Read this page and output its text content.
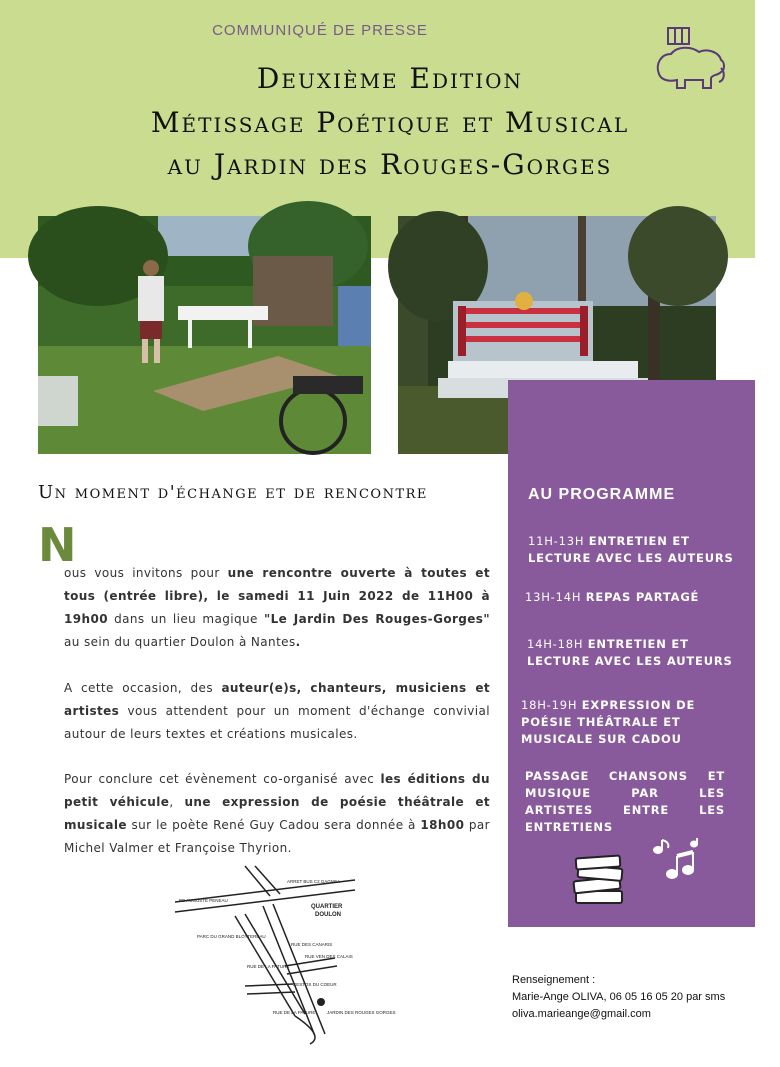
COMMUNIQUÉ DE PRESSE
Deuxième Edition
Métissage Poétique et Musical
au Jardin des Rouges-Gorges
AU PROGRAMME
11H-13H ENTRETIEN ET LECTURE AVEC LES AUTEURS
13H-14H REPAS PARTAGÉ
14H-18H ENTRETIEN ET LECTURE AVEC LES AUTEURS
18H-19H EXPRESSION DE POÉSIE THÉÂTRALE ET MUSICALE SUR CADOU
PASSAGE CHANSONS ET MUSIQUE PAR LES ARTISTES ENTRE LES ENTRETIENS
Un moment d'échange et de rencontre
N
ous vous invitons pour une rencontre ouverte à toutes et tous (entrée libre), le samedi 11 Juin 2022 de 11H00 à 19h00 dans un lieu magique "Le Jardin Des Rouges-Gorges" au sein du quartier Doulon à Nantes.
A cette occasion, des auteur(e)s, chanteurs, musiciens et artistes vous attendent pour un moment d'échange convivial autour de leurs textes et créations musicales.
Pour conclure cet évènement co-organisé avec les éditions du petit véhicule, une expression de poésie théâtrale et musicale sur le poète René Guy Cadou sera donnée à 18h00 par Michel Valmer et Françoise Thyrion.
BD AUGUSTE PENEAU
ARRET BUS C2 GAGNEA
PARC DU GRAND BLOTTEREAU
QUARTIER
DOULON
RUE DES CANARIS
RUE DE LA PATURE
RUE VEN DES CALAIS
RESTOS DU COEUR
RUE DE LA PATURE	JARDIN DES ROUGES GORGES
Renseignement :
Marie-Ange OLIVA, 06 05 16 05 20 par sms
oliva.marieange@gmail.com
